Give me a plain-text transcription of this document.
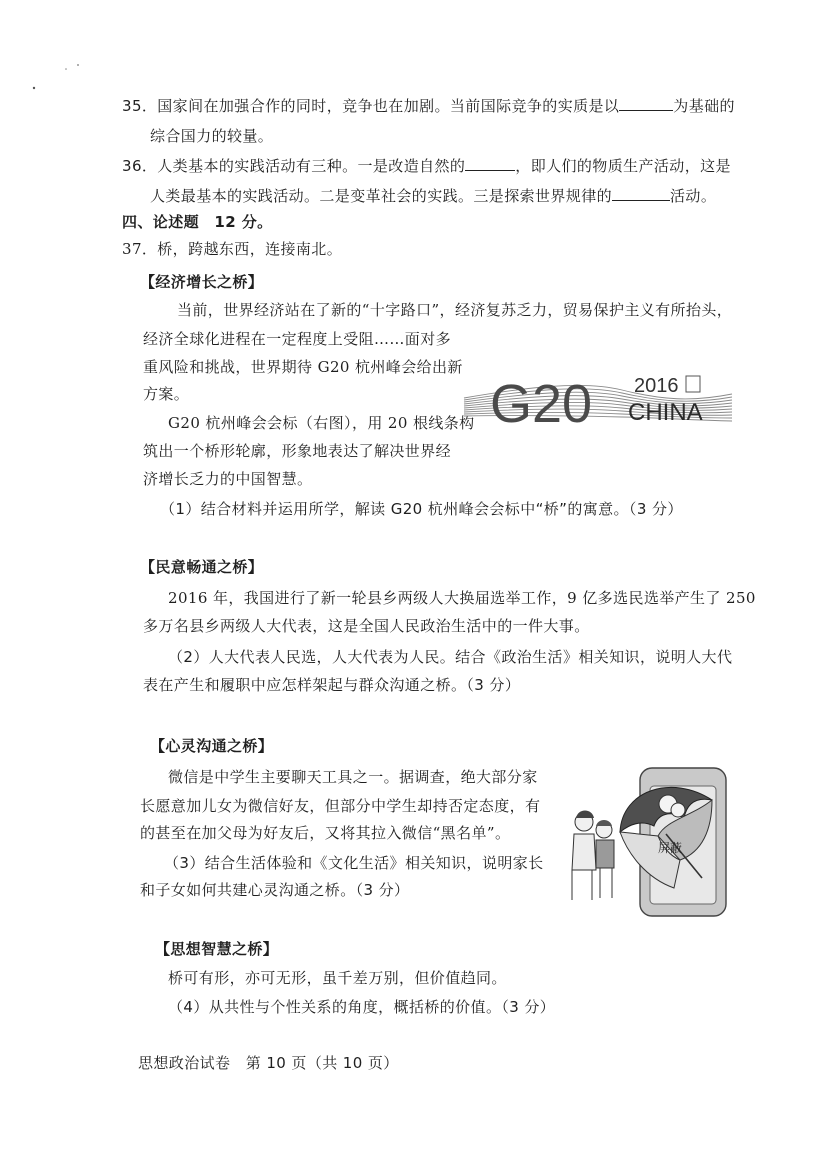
35．国家间在加强合作的同时，竞争也在加剧。当前国际竞争的实质是以	为基础的
综合国力的较量。
36．人类基本的实践活动有三种。一是改造自然的	，即人们的物质生产活动，这是
人类最基本的实践活动。二是变革社会的实践。三是探索世界规律的	活动。
四、论述题　12 分。
37．桥，跨越东西，连接南北。
【经济增长之桥】
当前，世界经济站在了新的“十字路口”，经济复苏乏力，贸易保护主义有所抬头，
经济全球化进程在一定程度上受阻……面对多
重风险和挑战，世界期待 G20 杭州峰会给出新
方案。
G20 杭州峰会会标（右图），用 20 根线条构
筑出一个桥形轮廓，形象地表达了解决世界经
济增长乏力的中国智慧。
（1）结合材料并运用所学，解读 G20 杭州峰会会标中“桥”的寓意。（3 分）
G20 2016
CHINA
【民意畅通之桥】
2016 年，我国进行了新一轮县乡两级人大换届选举工作，9 亿多选民选举产生了 250
多万名县乡两级人大代表，这是全国人民政治生活中的一件大事。
（2）人大代表人民选，人大代表为人民。结合《政治生活》相关知识，说明人大代
表在产生和履职中应怎样架起与群众沟通之桥。（3 分）
【心灵沟通之桥】
微信是中学生主要聊天工具之一。据调查，绝大部分家
长愿意加儿女为微信好友，但部分中学生却持否定态度，有
的甚至在加父母为好友后，又将其拉入微信“黑名单”。
（3）结合生活体验和《文化生活》相关知识，说明家长
和子女如何共建心灵沟通之桥。（3 分）
屏蔽
【思想智慧之桥】
桥可有形，亦可无形，虽千差万别，但价值趋同。
（4）从共性与个性关系的角度，概括桥的价值。（3 分）
思想政治试卷　第 10 页（共 10 页）
